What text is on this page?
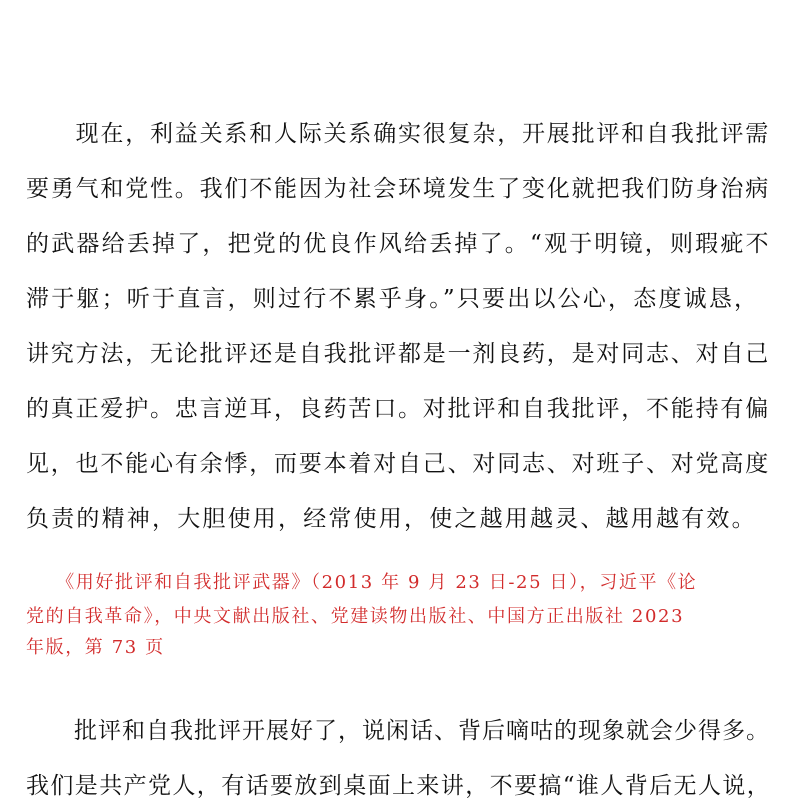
　　现在，利益关系和人际关系确实很复杂，开展批评和自我批评需
要勇气和党性。我们不能因为社会环境发生了变化就把我们防身治病
的武器给丢掉了，把党的优良作风给丢掉了。“观于明镜，则瑕疵不
滞于躯；听于直言，则过行不累乎身。”只要出以公心，态度诚恳，
讲究方法，无论批评还是自我批评都是一剂良药，是对同志、对自己
的真正爱护。忠言逆耳，良药苦口。对批评和自我批评，不能持有偏
见，也不能心有余悸，而要本着对自己、对同志、对班子、对党高度
负责的精神，大胆使用，经常使用，使之越用越灵、越用越有效。
　　《用好批评和自我批评武器》（2013 年 9 月 23 日-25 日），习近平《论
党的自我革命》，中央文献出版社、党建读物出版社、中国方正出版社 2023
年版，第 73 页
　　批评和自我批评开展好了，说闲话、背后嘀咕的现象就会少得多。
我们是共产党人，有话要放到桌面上来讲，不要搞“谁人背后无人说，
